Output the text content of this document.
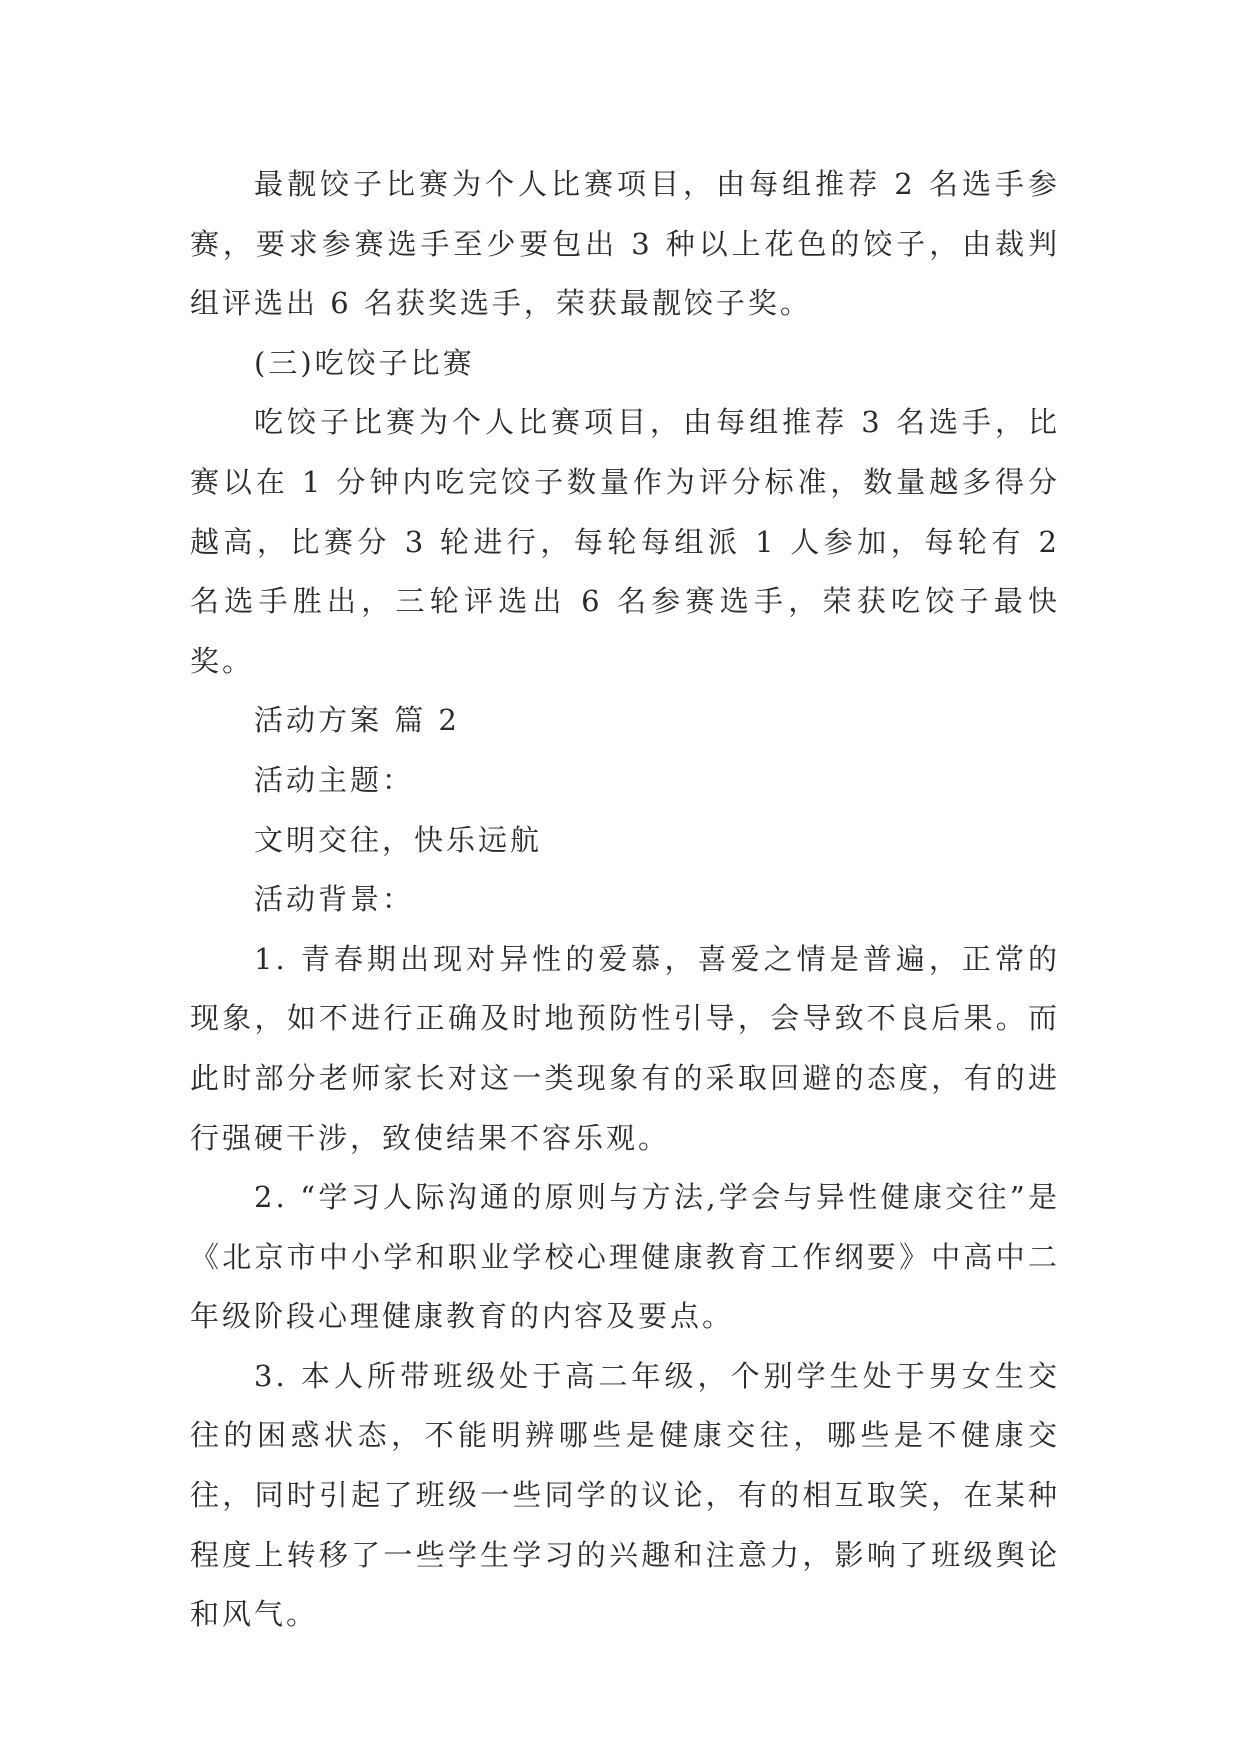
最靓饺子比赛为个人比赛项目，由每组推荐 2 名选手参赛，要求参赛选手至少要包出 3 种以上花色的饺子，由裁判组评选出 6 名获奖选手，荣获最靓饺子奖。

(三)吃饺子比赛

吃饺子比赛为个人比赛项目，由每组推荐 3 名选手，比赛以在 1 分钟内吃完饺子数量作为评分标准，数量越多得分越高，比赛分 3 轮进行，每轮每组派 1 人参加，每轮有 2 名选手胜出，三轮评选出 6 名参赛选手，荣获吃饺子最快奖。

活动方案 篇 2

活动主题：

文明交往，快乐远航

活动背景：

1. 青春期出现对异性的爱慕，喜爱之情是普遍，正常的现象，如不进行正确及时地预防性引导，会导致不良后果。而此时部分老师家长对这一类现象有的采取回避的态度，有的进行强硬干涉，致使结果不容乐观。

2. “学习人际沟通的原则与方法,学会与异性健康交往”是《北京市中小学和职业学校心理健康教育工作纲要》中高中二年级阶段心理健康教育的内容及要点。

3. 本人所带班级处于高二年级，个别学生处于男女生交往的困惑状态，不能明辨哪些是健康交往，哪些是不健康交往，同时引起了班级一些同学的议论，有的相互取笑，在某种程度上转移了一些学生学习的兴趣和注意力，影响了班级舆论和风气。
